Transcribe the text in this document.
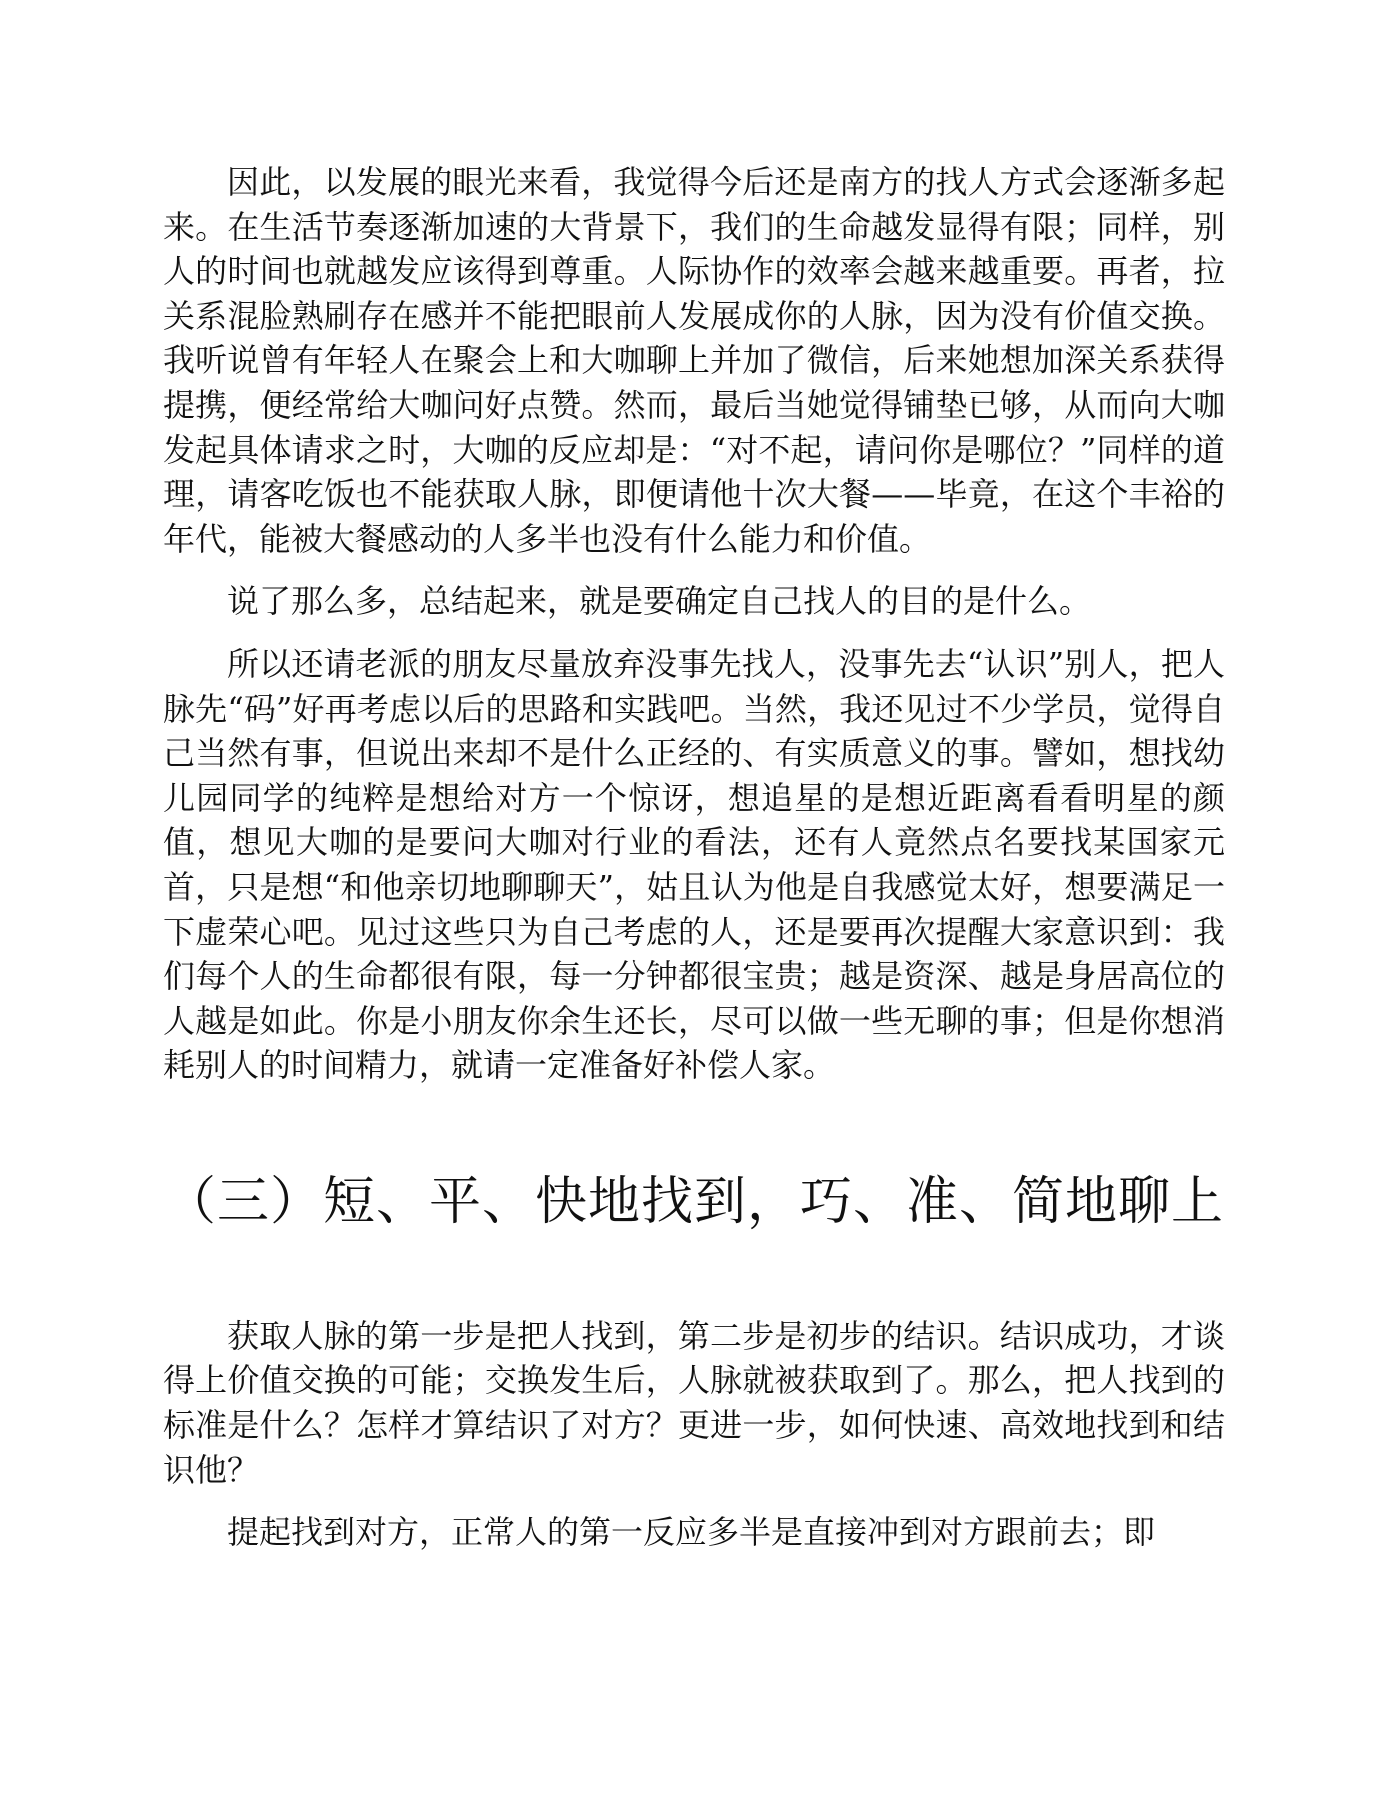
因此，以发展的眼光来看，我觉得今后还是南方的找人方式会逐渐多起来。在生活节奏逐渐加速的大背景下，我们的生命越发显得有限；同样，别人的时间也就越发应该得到尊重。人际协作的效率会越来越重要。再者，拉关系混脸熟刷存在感并不能把眼前人发展成你的人脉，因为没有价值交换。我听说曾有年轻人在聚会上和大咖聊上并加了微信，后来她想加深关系获得提携，便经常给大咖问好点赞。然而，最后当她觉得铺垫已够，从而向大咖发起具体请求之时，大咖的反应却是：“对不起，请问你是哪位？”同样的道理，请客吃饭也不能获取人脉，即便请他十次大餐——毕竟，在这个丰裕的年代，能被大餐感动的人多半也没有什么能力和价值。

说了那么多，总结起来，就是要确定自己找人的目的是什么。

所以还请老派的朋友尽量放弃没事先找人，没事先去“认识”别人，把人脉先“码”好再考虑以后的思路和实践吧。当然，我还见过不少学员，觉得自己当然有事，但说出来却不是什么正经的、有实质意义的事。譬如，想找幼儿园同学的纯粹是想给对方一个惊讶，想追星的是想近距离看看明星的颜值，想见大咖的是要问大咖对行业的看法，还有人竟然点名要找某国家元首，只是想“和他亲切地聊聊天”，姑且认为他是自我感觉太好，想要满足一下虚荣心吧。见过这些只为自己考虑的人，还是要再次提醒大家意识到：我们每个人的生命都很有限，每一分钟都很宝贵；越是资深、越是身居高位的人越是如此。你是小朋友你余生还长，尽可以做一些无聊的事；但是你想消耗别人的时间精力，就请一定准备好补偿人家。

（三）短、平、快地找到，巧、准、简地聊上

获取人脉的第一步是把人找到，第二步是初步的结识。结识成功，才谈得上价值交换的可能；交换发生后，人脉就被获取到了。那么，把人找到的标准是什么？怎样才算结识了对方？更进一步，如何快速、高效地找到和结识他？

提起找到对方，正常人的第一反应多半是直接冲到对方跟前去；即
